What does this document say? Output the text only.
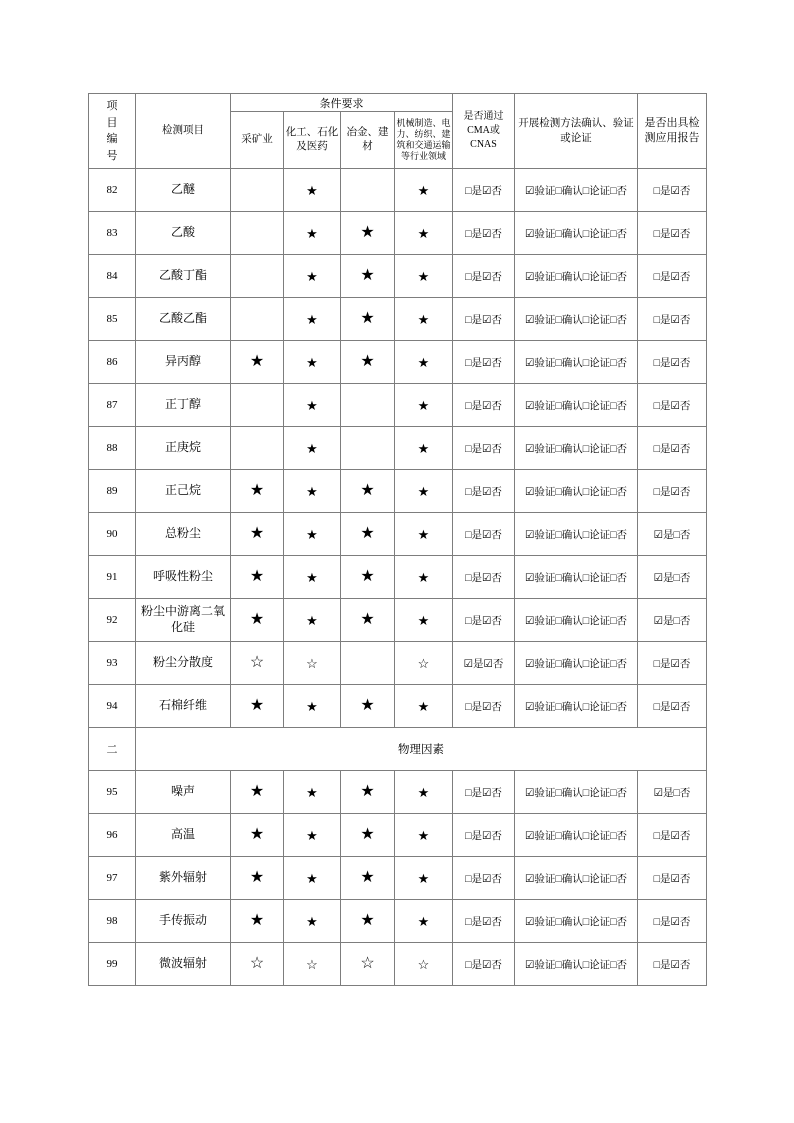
项目编号	检测项目	条件要求				是否通过CMA或CNAS	开展检测方法确认、验证或论证	是否出具检测应用报告

		采矿业	化工、石化及医药	冶金、建材	机械制造、电力、纺织、建筑和交通运输等行业领域			
82	乙醚		★		★	□是☑否	☑验证□确认□论证□否	□是☑否
83	乙酸		★	★	★	□是☑否	☑验证□确认□论证□否	□是☑否
84	乙酸丁酯		★	★	★	□是☑否	☑验证□确认□论证□否	□是☑否
85	乙酸乙酯		★	★	★	□是☑否	☑验证□确认□论证□否	□是☑否
86	异丙醇	★	★	★	★	□是☑否	☑验证□确认□论证□否	□是☑否
87	正丁醇		★		★	□是☑否	☑验证□确认□论证□否	□是☑否
88	正庚烷		★		★	□是☑否	☑验证□确认□论证□否	□是☑否
89	正己烷	★	★	★	★	□是☑否	☑验证□确认□论证□否	□是☑否
90	总粉尘	★	★	★	★	□是☑否	☑验证□确认□论证□否	☑是□否
91	呼吸性粉尘	★	★	★	★	□是☑否	☑验证□确认□论证□否	☑是□否
92	粉尘中游离二氧化硅	★	★	★	★	□是☑否	☑验证□确认□论证□否	☑是□否
93	粉尘分散度	☆	☆		☆	☑是☑否	☑验证□确认□论证□否	□是☑否
94	石棉纤维	★	★	★	★	□是☑否	☑验证□确认□论证□否	□是☑否
二	物理因素							
95	噪声	★	★	★	★	□是☑否	☑验证□确认□论证□否	☑是□否
96	高温	★	★	★	★	□是☑否	☑验证□确认□论证□否	□是☑否
97	紫外辐射	★	★	★	★	□是☑否	☑验证□确认□论证□否	□是☑否
98	手传振动	★	★	★	★	□是☑否	☑验证□确认□论证□否	□是☑否
99	微波辐射	☆	☆	☆	☆	□是☑否	☑验证□确认□论证□否	□是☑否
